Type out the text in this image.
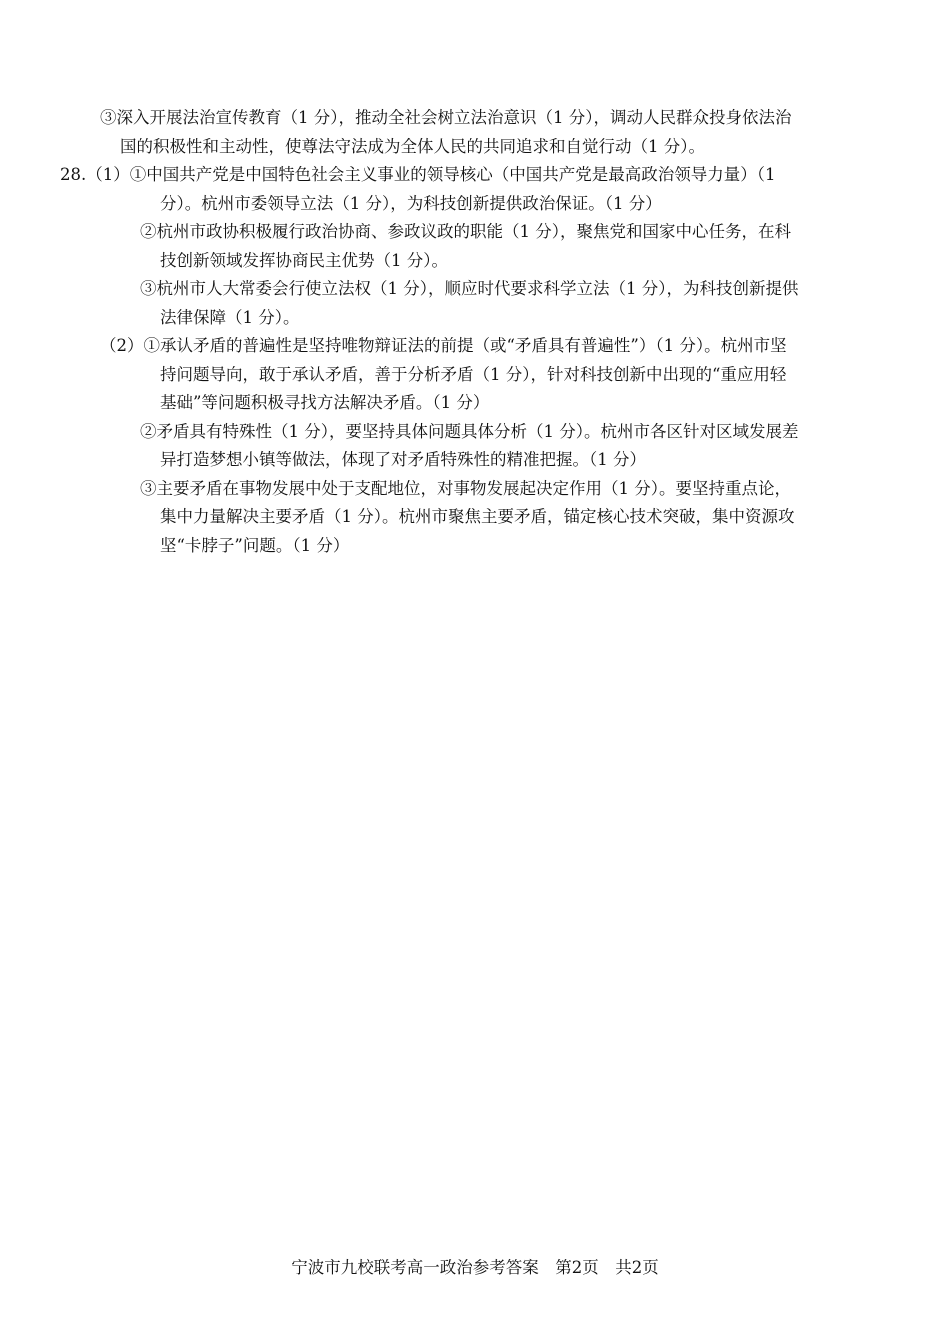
③深入开展法治宣传教育（1 分），推动全社会树立法治意识（1 分），调动人民群众投身依法治
国的积极性和主动性，使尊法守法成为全体人民的共同追求和自觉行动（1 分）。
28.（1）①中国共产党是中国特色社会主义事业的领导核心（中国共产党是最高政治领导力量）（1
分）。杭州市委领导立法（1 分），为科技创新提供政治保证。（1 分）
②杭州市政协积极履行政治协商、参政议政的职能（1 分），聚焦党和国家中心任务，在科
技创新领域发挥协商民主优势（1 分）。
③杭州市人大常委会行使立法权（1 分），顺应时代要求科学立法（1 分），为科技创新提供
法律保障（1 分）。
（2）①承认矛盾的普遍性是坚持唯物辩证法的前提（或“矛盾具有普遍性”）（1 分）。杭州市坚
持问题导向，敢于承认矛盾，善于分析矛盾（1 分），针对科技创新中出现的“重应用轻
基础”等问题积极寻找方法解决矛盾。（1 分）
②矛盾具有特殊性（1 分），要坚持具体问题具体分析（1 分）。杭州市各区针对区域发展差
异打造梦想小镇等做法，体现了对矛盾特殊性的精准把握。（1 分）
③主要矛盾在事物发展中处于支配地位，对事物发展起决定作用（1 分）。要坚持重点论，
集中力量解决主要矛盾（1 分）。杭州市聚焦主要矛盾，锚定核心技术突破，集中资源攻
坚“卡脖子”问题。（1 分）
宁波市九校联考高一政治参考答案　第2页　共2页
